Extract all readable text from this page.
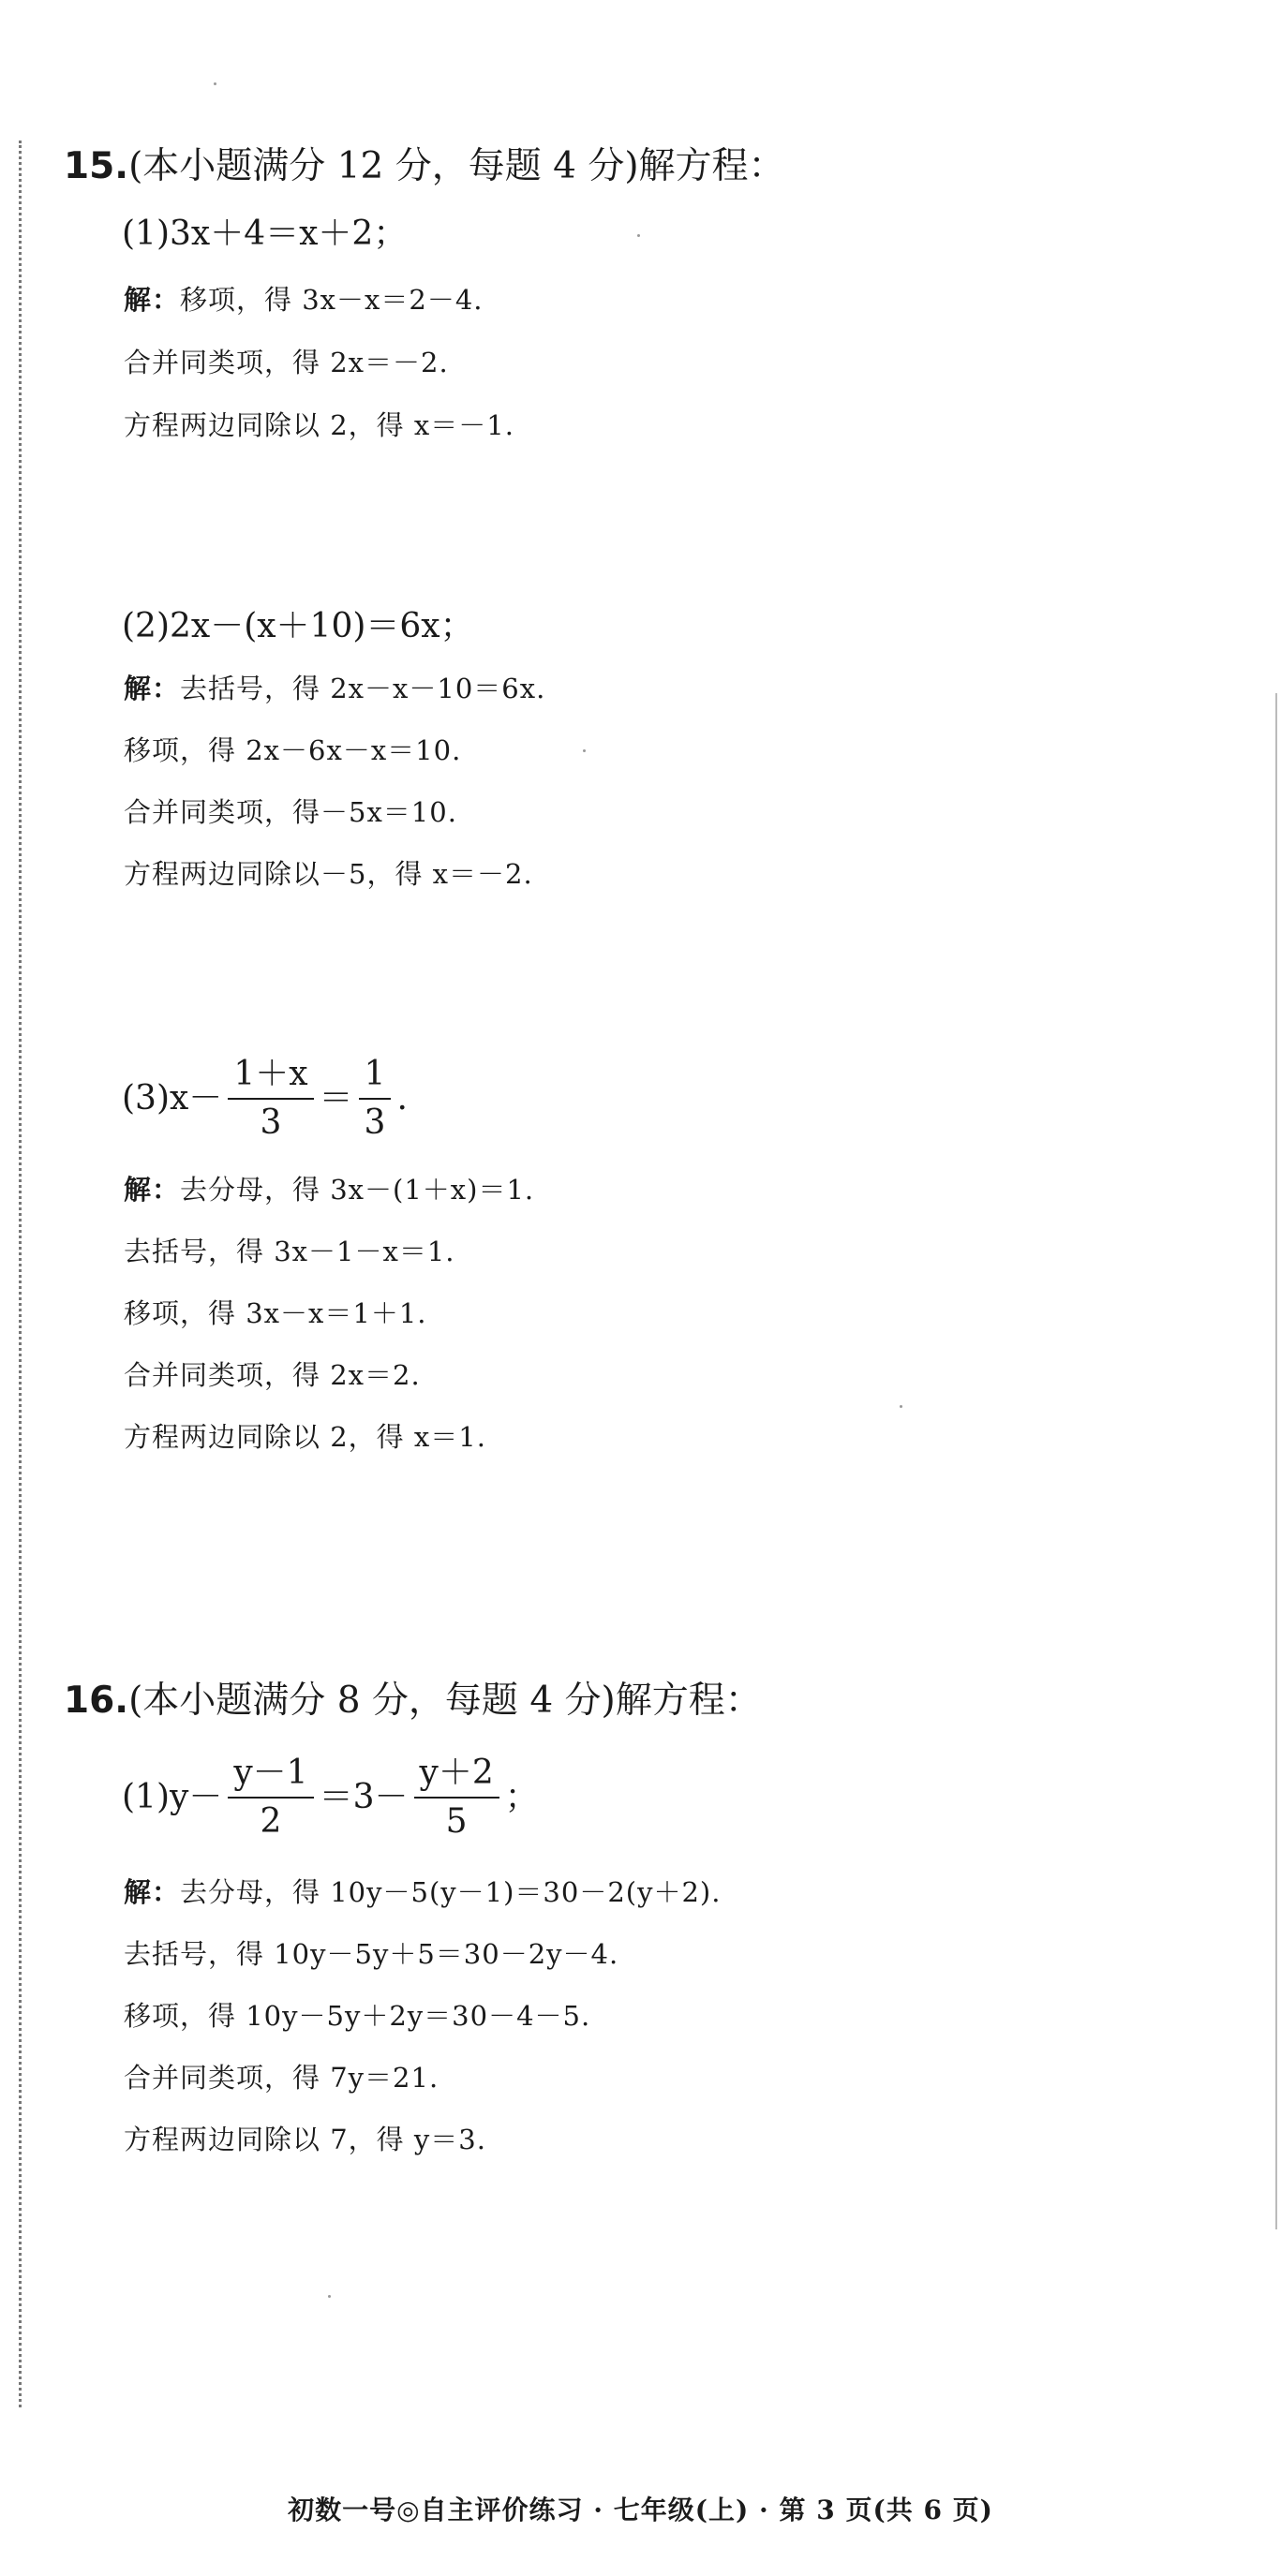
15.(本小题满分 12 分，每题 4 分)解方程：
(1)3x＋4＝x＋2；
解：移项，得 3x－x＝2－4.
合并同类项，得 2x＝－2.
方程两边同除以 2，得 x＝－1.
(2)2x－(x＋10)＝6x；
解：去括号，得 2x－x－10＝6x.
移项，得 2x－6x－x＝10.
合并同类项，得－5x＝10.
方程两边同除以－5，得 x＝－2.
$(3)x- \frac{1+x}{3} = \frac{1}{3}$ .
解：去分母，得 3x－(1＋x)＝1.
去括号，得 3x－1－x＝1.
移项，得 3x－x＝1＋1.
合并同类项，得 2x＝2.
方程两边同除以 2，得 x＝1.
16.(本小题满分 8 分，每题 4 分)解方程：
$(1)y- \frac{y-1}{2} =3- \frac{y+2}{5}$ ；
解：去分母，得 10y－5(y－1)＝30－2(y＋2).
去括号，得 10y－5y＋5＝30－2y－4.
移项，得 10y－5y＋2y＝30－4－5.
合并同类项，得 7y＝21.
方程两边同除以 7，得 y＝3.
初数一号◎自主评价练习 · 七年级(上) · 第 3 页(共 6 页)
